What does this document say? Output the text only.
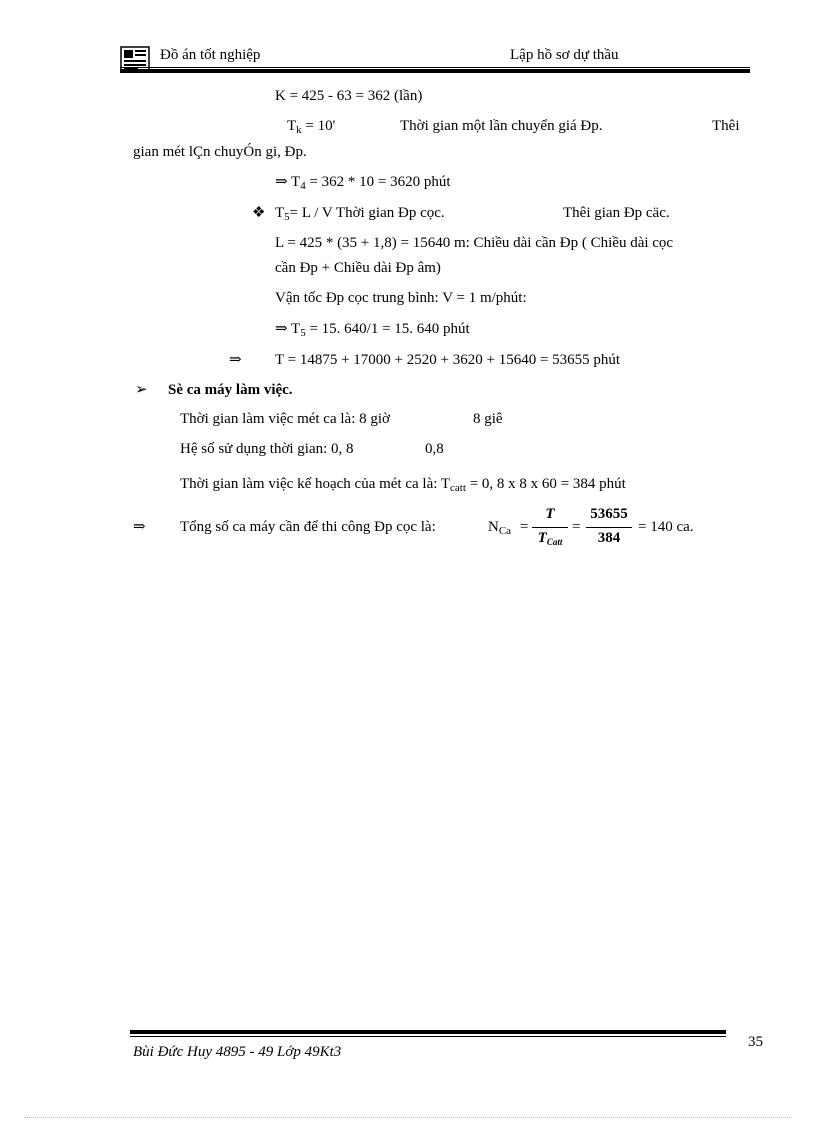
Đồ án tốt nghiệp	Lập hồ sơ dự thầu
K = 425 - 63 = 362 (lần)
$T_k = 10'$	Thời gian một lần chuyển giá Đp.	Thêi
gian mét lÇn chuyÓn gi, Đp.
⇒ $T_4 = 362 * 10 = 3620$ phút
❖ $T_5= L / V$ Thời gian Đp cọc.	Thêi gian Đp cäc.
L = 425 * (35 + 1,8) = 15640 m: Chiều dài cần Đp ( Chiều dài cọc
cần Đp + Chiều dài Đp âm)
Vận tốc Đp cọc trung bình: V = 1 m/phút:
⇒ $T_5 = 15$. 640/1 = 15. 640 phút
⇒ T = 14875 + 17000 + 2520 + 3620 + 15640 = 53655 phút
➢ Sè ca máy làm việc.
Thời gian làm việc mét ca là: 8 giờ	8 giê
Hệ số sử dụng thời gian: 0, 8	0,8
Thời gian làm việc kế hoạch của mét ca là: $T_{catt} = 0$, 8 x 8 x 60 = 384 phút
⇒ Tổng số ca máy cần để thi công Đp cọc là:	$N_{Ca}$ =
T
$T_{Catt}$
=
53655
384
= 140 ca.
Bùi Đức Huy 4895 - 49 Lớp 49Kt3
35
